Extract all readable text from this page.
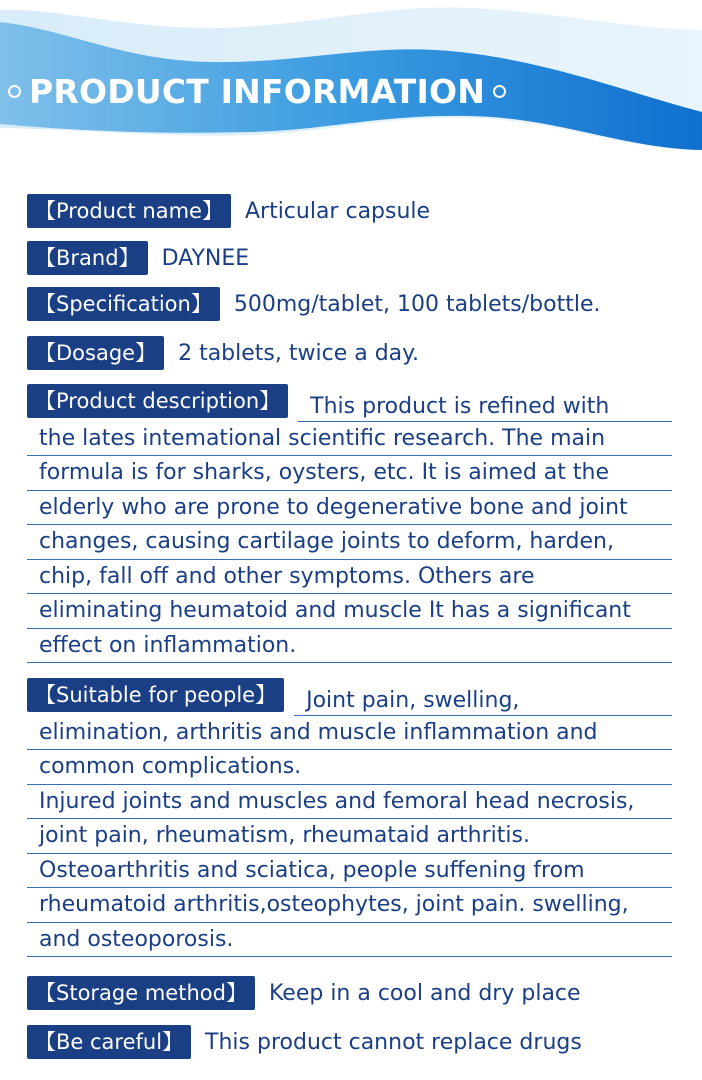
PRODUCT INFORMATION
【Product name】	Articular capsule
【Brand】	DAYNEE
【Specification】	500mg/tablet, 100 tablets/bottle.
【Dosage】	2 tablets, twice a day.
【Product description】	This product is refined with
the lates intemational scientific research. The main
formula is for sharks, oysters, etc. It is aimed at the
elderly who are prone to degenerative bone and joint
changes, causing cartilage joints to deform, harden,
chip, fall off and other symptoms. Others are
eliminating heumatoid and muscle It has a significant
effect on inflammation.
【Suitable for people】	Joint pain, swelling,
elimination, arthritis and muscle inflammation and
common complications.
Injured joints and muscles and femoral head necrosis,
joint pain, rheumatism, rheumataid arthritis.
Osteoarthritis and sciatica, people suffening from
rheumatoid arthritis,osteophytes, joint pain. swelling,
and osteoporosis.
【Storage method】	Keep in a cool and dry place
【Be careful】	This product cannot replace drugs
